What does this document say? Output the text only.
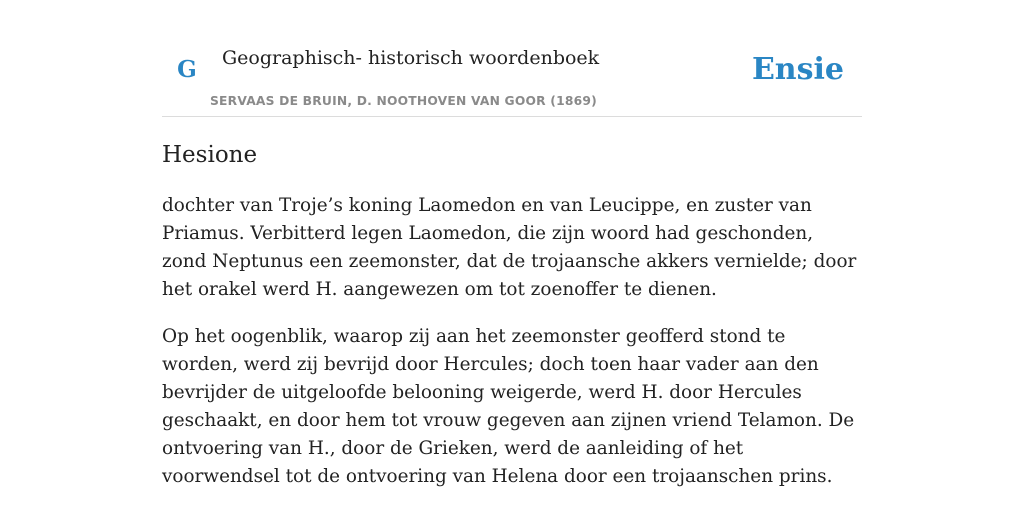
G Geographisch- historisch woordenboek
SERVAAS DE BRUIN, D. NOOTHOVEN VAN GOOR (1869)
Ensie
Hesione

dochter van Troje’s koning Laomedon en van Leucippe, en zuster van Priamus. Verbitterd legen Laomedon, die zijn woord had geschonden, zond Neptunus een zeemonster, dat de trojaansche akkers vernielde; door het orakel werd H. aangewezen om tot zoenoffer te dienen.

Op het oogenblik, waarop zij aan het zeemonster geofferd stond te worden, werd zij bevrijd door Hercules; doch toen haar vader aan den bevrijder de uitgeloofde belooning weigerde, werd H. door Hercules geschaakt, en door hem tot vrouw gegeven aan zijnen vriend Telamon. De ontvoering van H., door de Grieken, werd de aanleiding of het voorwendsel tot de ontvoering van Helena door een trojaanschen prins.
